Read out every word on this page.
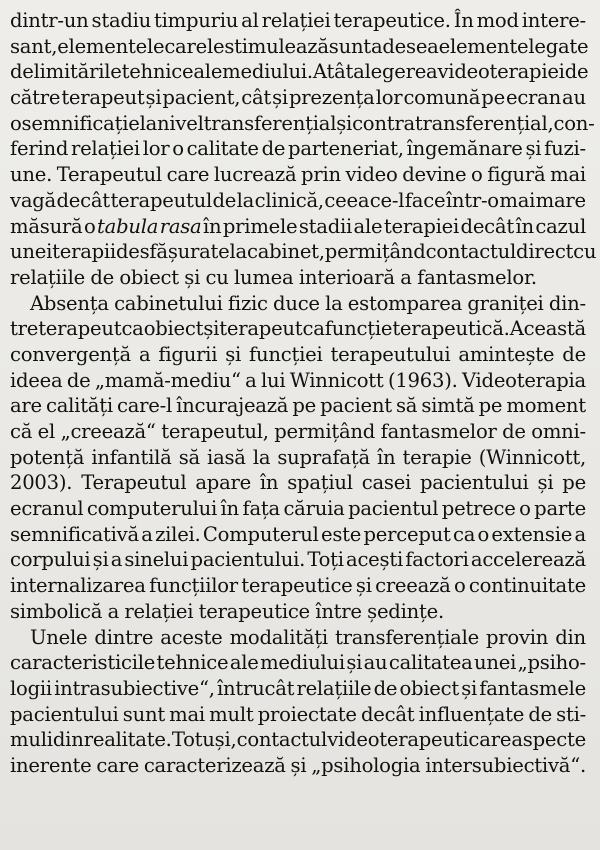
dintr-un stadiu timpuriu al relației terapeutice. În mod intere-
sant, elementele care le stimulează sunt adesea elemente legate
de limitările tehnice ale mediului. Atât alegerea videoterapiei de
către terapeut și pacient, cât și prezența lor comună pe ecran au
o semnificație la nivel transferențial și contratransferențial, con-
ferind relației lor o calitate de parteneriat, îngemănare și fuzi-
une. Terapeutul care lucrează prin video devine o figură mai
vagă decât terapeutul de la clinică, ceea ce-l face într-o mai mare
măsură o tabula rasa în primele stadii ale terapiei decât în cazul
unei terapii desfășurate la cabinet, permițând contactul direct cu
relațiile de obiect și cu lumea interioară a fantasmelor.
Absența cabinetului fizic duce la estomparea graniței din-
tre terapeut ca obiect și terapeut ca funcție terapeutică. Această
convergență a figurii și funcției terapeutului amintește de
ideea de „mamă-mediu“ a lui Winnicott (1963). Videoterapia
are calități care-l încurajează pe pacient să simtă pe moment
că el „creează“ terapeutul, permițând fantasmelor de omni-
potență infantilă să iasă la suprafață în terapie (Winnicott,
2003). Terapeutul apare în spațiul casei pacientului și pe
ecranul computerului în fața căruia pacientul petrece o parte
semnificativă a zilei. Computerul este perceput ca o extensie a
corpului și a sinelui pacientului. Toți acești factori accelerează
internalizarea funcțiilor terapeutice și creează o continuitate
simbolică a relației terapeutice între ședințe.
Unele dintre aceste modalități transferențiale provin din
caracteristicile tehnice ale mediului și au calitatea unei „psiho-
logii intrasubiective“, întrucât relațiile de obiect și fantasmele
pacientului sunt mai mult proiectate decât influențate de sti-
muli din realitate. Totuși, contactul videoterapeutic are aspecte
inerente care caracterizează și „psihologia intersubiectivă“.
